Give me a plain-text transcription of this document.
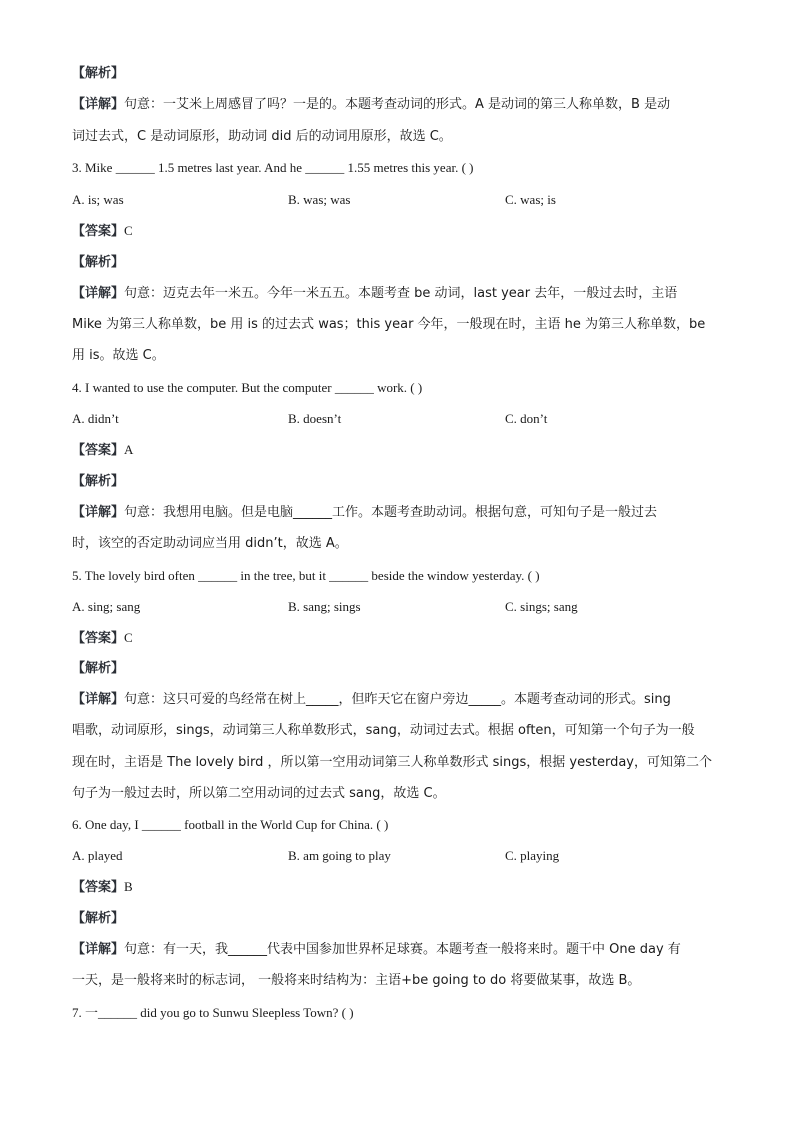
【解析】
【详解】句意：一艾米上周感冒了吗？一是的。本题考查动词的形式。A 是动词的第三人称单数，B 是动
词过去式，C 是动词原形，助动词 did 后的动词用原形，故选 C。
3. Mike ______ 1.5 metres last year. And he ______ 1.55 metres this year. ( )
A. is; was	B. was; was	C. was; is
【答案】C
【解析】
【详解】句意：迈克去年一米五。今年一米五五。本题考查 be 动词，last year 去年，一般过去时，主语
Mike 为第三人称单数，be 用 is 的过去式 was；this year 今年，一般现在时，主语 he 为第三人称单数，be
用 is。故选 C。
4. I wanted to use the computer. But the computer ______ work. ( )
A. didn’t	B. doesn’t	C. don’t
【答案】A
【解析】
【详解】句意：我想用电脑。但是电脑______工作。本题考查助动词。根据句意，可知句子是一般过去
时，该空的否定助动词应当用 didn’t，故选 A。
5. The lovely bird often ______ in the tree, but it ______ beside the window yesterday. ( )
A. sing; sang	B. sang; sings	C. sings; sang
【答案】C
【解析】
【详解】句意：这只可爱的鸟经常在树上_____，但昨天它在窗户旁边_____。本题考查动词的形式。sing
唱歌，动词原形，sings，动词第三人称单数形式，sang，动词过去式。根据 often，可知第一个句子为一般
现在时，主语是 The lovely bird ，所以第一空用动词第三人称单数形式 sings，根据 yesterday，可知第二个
句子为一般过去时，所以第二空用动词的过去式 sang，故选 C。
6. One day, I ______ football in the World Cup for China. ( )
A. played	B. am going to play	C. playing
【答案】B
【解析】
【详解】句意：有一天，我______代表中国参加世界杯足球赛。本题考查一般将来时。题干中 One day 有
一天，是一般将来时的标志词， 一般将来时结构为：主语+be going to do 将要做某事，故选 B。
7. 一______ did you go to Sunwu Sleepless Town? ( )
